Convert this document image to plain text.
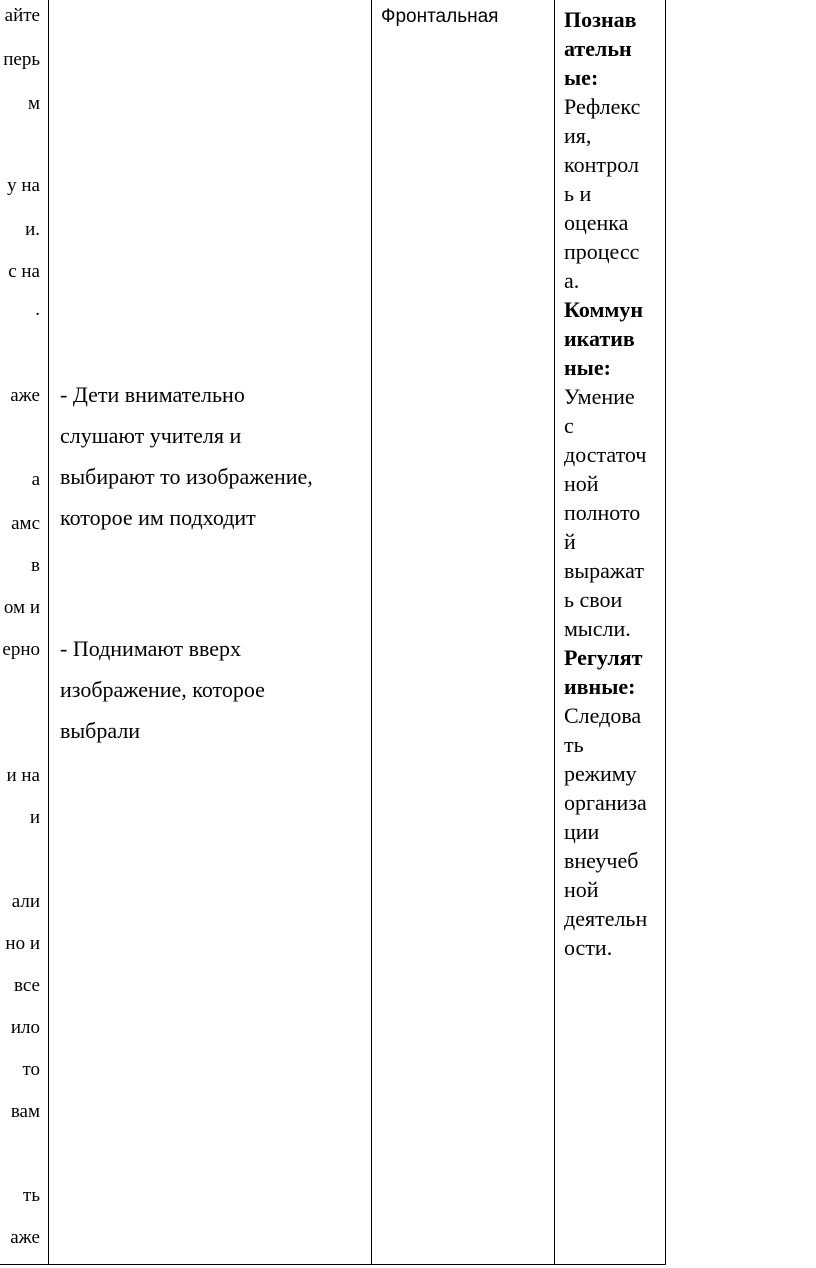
айте
перь
м
у на
и.
с на
.
аже
а
амс
в
ом и
ерно
и на
и
али
но и
все
ило
то
вам
ть
аже
- Дети внимательно
слушают учителя и
выбирают то изображение,
которое им подходит
- Поднимают вверх
изображение, которое
выбрали
Фронтальная	Познав
ательн
ые:
Рефлекс
ия,
контрол
ь и
оценка
процесс
а.
Коммун
икатив
ные:
Умение
с
достаточ
ной
полното
й
выражат
ь свои
мысли.
Регулят
ивные:
Следова
ть
режиму
организа
ции
внеучеб
ной
деятельн
ости.
